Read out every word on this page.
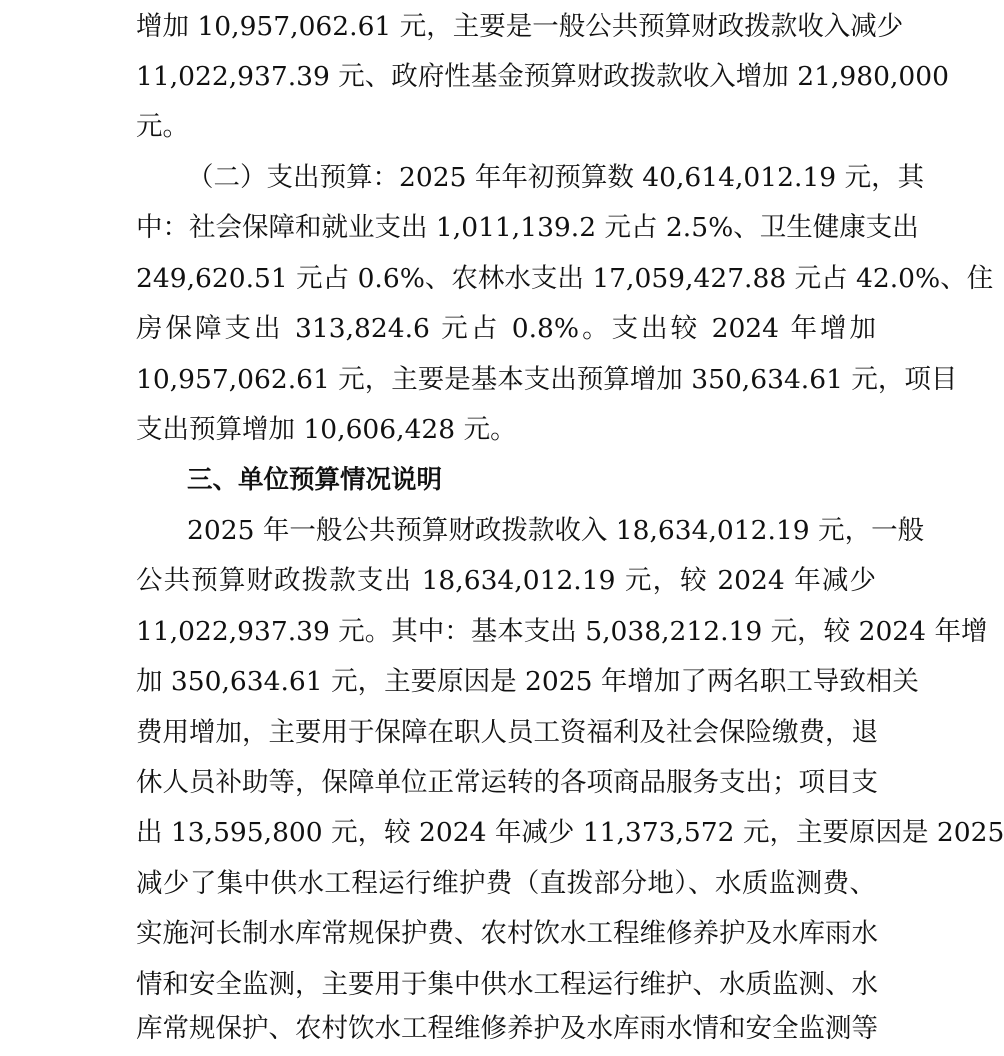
增加 10,957,062.61 元，主要是一般公共预算财政拨款收入减少
11,022,937.39 元、政府性基金预算财政拨款收入增加 21,980,000
元。
（二）支出预算：2025 年年初预算数 40,614,012.19 元，其
中：社会保障和就业支出 1,011,139.2 元占 2.5%、卫生健康支出
249,620.51 元占 0.6%、农林水支出 17,059,427.88 元占 42.0%、住
房保障支出 313,824.6 元占 0.8%。支出较 2024 年增加
10,957,062.61 元，主要是基本支出预算增加 350,634.61 元，项目
支出预算增加 10,606,428 元。
三、单位预算情况说明
2025 年一般公共预算财政拨款收入 18,634,012.19 元，一般
公共预算财政拨款支出 18,634,012.19 元，较 2024 年减少
11,022,937.39 元。其中：基本支出 5,038,212.19 元，较 2024 年增
加 350,634.61 元，主要原因是 2025 年增加了两名职工导致相关
费用增加，主要用于保障在职人员工资福利及社会保险缴费，退
休人员补助等，保障单位正常运转的各项商品服务支出；项目支
出 13,595,800 元，较 2024 年减少 11,373,572 元，主要原因是 2025
减少了集中供水工程运行维护费（直拨部分地）、水质监测费、
实施河长制水库常规保护费、农村饮水工程维修养护及水库雨水
情和安全监测，主要用于集中供水工程运行维护、水质监测、水
库常规保护、农村饮水工程维修养护及水库雨水情和安全监测等
